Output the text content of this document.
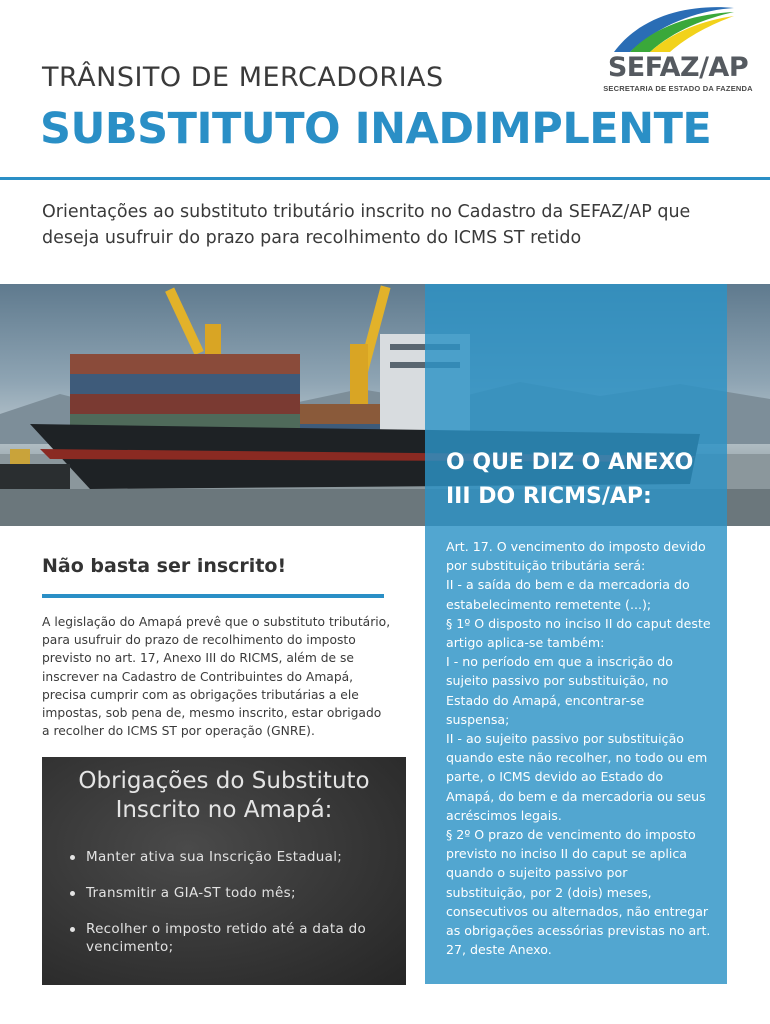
TRÂNSITO DE MERCADORIAS
SUBSTITUTO INADIMPLENTE
SEFAZ/AP
SECRETARIA DE ESTADO DA FAZENDA
Orientações ao substituto tributário inscrito no Cadastro da SEFAZ/AP que deseja usufruir do prazo para recolhimento do ICMS ST retido
O QUE DIZ O ANEXO III DO RICMS/AP:
Art. 17. O vencimento do imposto devido por substituição tributária será:
II - a saída do bem e da mercadoria do estabelecimento remetente (...);
§ 1º O disposto no inciso II do caput deste artigo aplica-se também:
I - no período em que a inscrição do sujeito passivo por substituição, no Estado do Amapá, encontrar-se suspensa;
II - ao sujeito passivo por substituição quando este não recolher, no todo ou em parte, o ICMS devido ao Estado do Amapá, do bem e da mercadoria ou seus acréscimos legais.
§ 2º O prazo de vencimento do imposto previsto no inciso II do caput se aplica quando o sujeito passivo por substituição, por 2 (dois) meses, consecutivos ou alternados, não entregar as obrigações acessórias previstas no art. 27, deste Anexo.
Não basta ser inscrito!
A legislação do Amapá prevê que o substituto tributário, para usufruir do prazo de recolhimento do imposto previsto no art. 17, Anexo III do RICMS, além de se inscrever na Cadastro de Contribuintes do Amapá, precisa cumprir com as obrigações tributárias a ele impostas, sob pena de, mesmo inscrito, estar obrigado a recolher do ICMS ST por operação (GNRE).
Obrigações do Substituto Inscrito no Amapá:
Manter ativa sua Inscrição Estadual;
Transmitir a GIA-ST todo mês;
Recolher o imposto retido até a data do vencimento;
